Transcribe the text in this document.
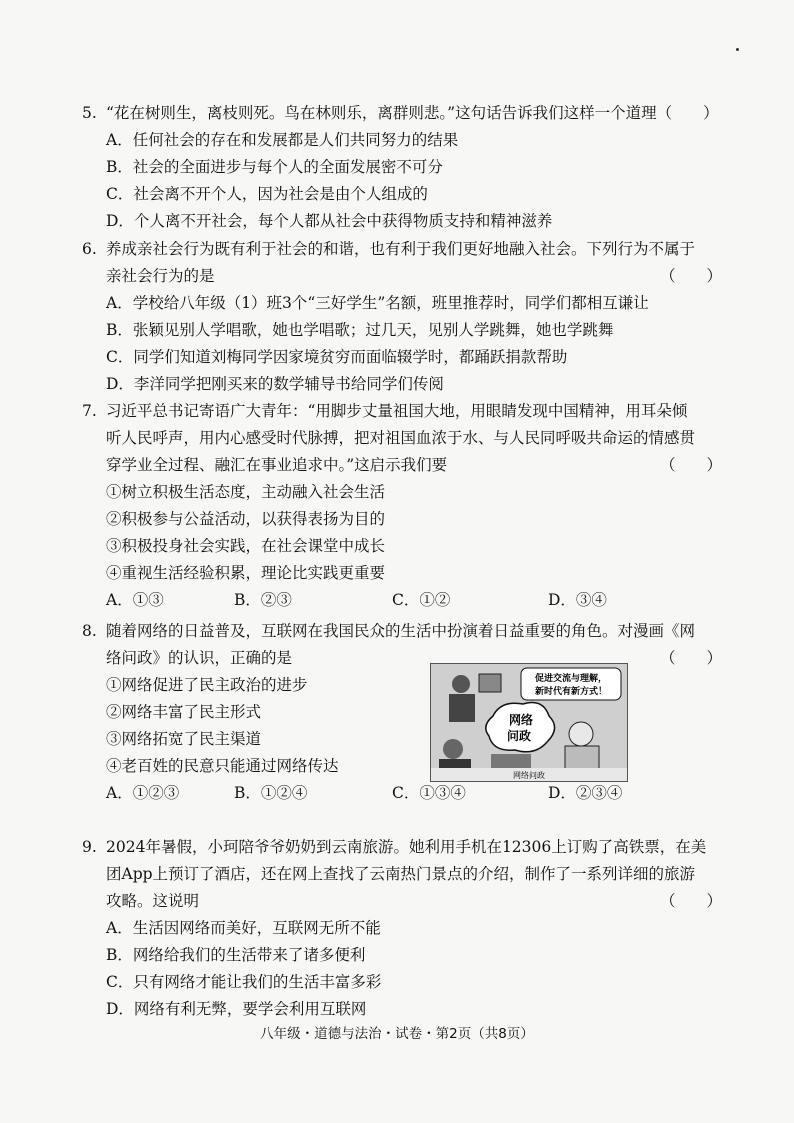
5. “花在树则生，离枝则死。鸟在林则乐，离群则悲。”这句话告诉我们这样一个道理（　　）
A．任何社会的存在和发展都是人们共同努力的结果
B．社会的全面进步与每个人的全面发展密不可分
C．社会离不开个人，因为社会是由个人组成的
D．个人离不开社会，每个人都从社会中获得物质支持和精神滋养
6. 养成亲社会行为既有利于社会的和谐，也有利于我们更好地融入社会。下列行为不属于
亲社会行为的是	（　　）
A．学校给八年级（1）班3个“三好学生”名额，班里推荐时，同学们都相互谦让
B．张颖见别人学唱歌，她也学唱歌；过几天，见别人学跳舞，她也学跳舞
C．同学们知道刘梅同学因家境贫穷而面临辍学时，都踊跃捐款帮助
D．李洋同学把刚买来的数学辅导书给同学们传阅
7. 习近平总书记寄语广大青年：“用脚步丈量祖国大地，用眼睛发现中国精神，用耳朵倾
听人民呼声，用内心感受时代脉搏，把对祖国血浓于水、与人民同呼吸共命运的情感贯
穿学业全过程、融汇在事业追求中。”这启示我们要	（　　）
①树立积极生活态度，主动融入社会生活
②积极参与公益活动，以获得表扬为目的
③积极投身社会实践，在社会课堂中成长
④重视生活经验积累，理论比实践更重要
A．①③	B．②③	C．①②	D．③④
8. 随着网络的日益普及，互联网在我国民众的生活中扮演着日益重要的角色。对漫画《网
络问政》的认识，正确的是	（　　）
①网络促进了民主政治的进步
②网络丰富了民主形式
③网络拓宽了民主渠道
④老百姓的民意只能通过网络传达
A．①②③	B．①②④	C．①③④	D．②③④
促进交流与理解，
新时代有新方式！
网络
问政
网络问政
9. 2024年暑假，小珂陪爷爷奶奶到云南旅游。她利用手机在12306上订购了高铁票，在美
团App上预订了酒店，还在网上查找了云南热门景点的介绍，制作了一系列详细的旅游
攻略。这说明	（　　）
A．生活因网络而美好，互联网无所不能
B．网络给我们的生活带来了诸多便利
C．只有网络才能让我们的生活丰富多彩
D．网络有利无弊，要学会利用互联网
八年级・道德与法治・试卷・第2页（共8页）
